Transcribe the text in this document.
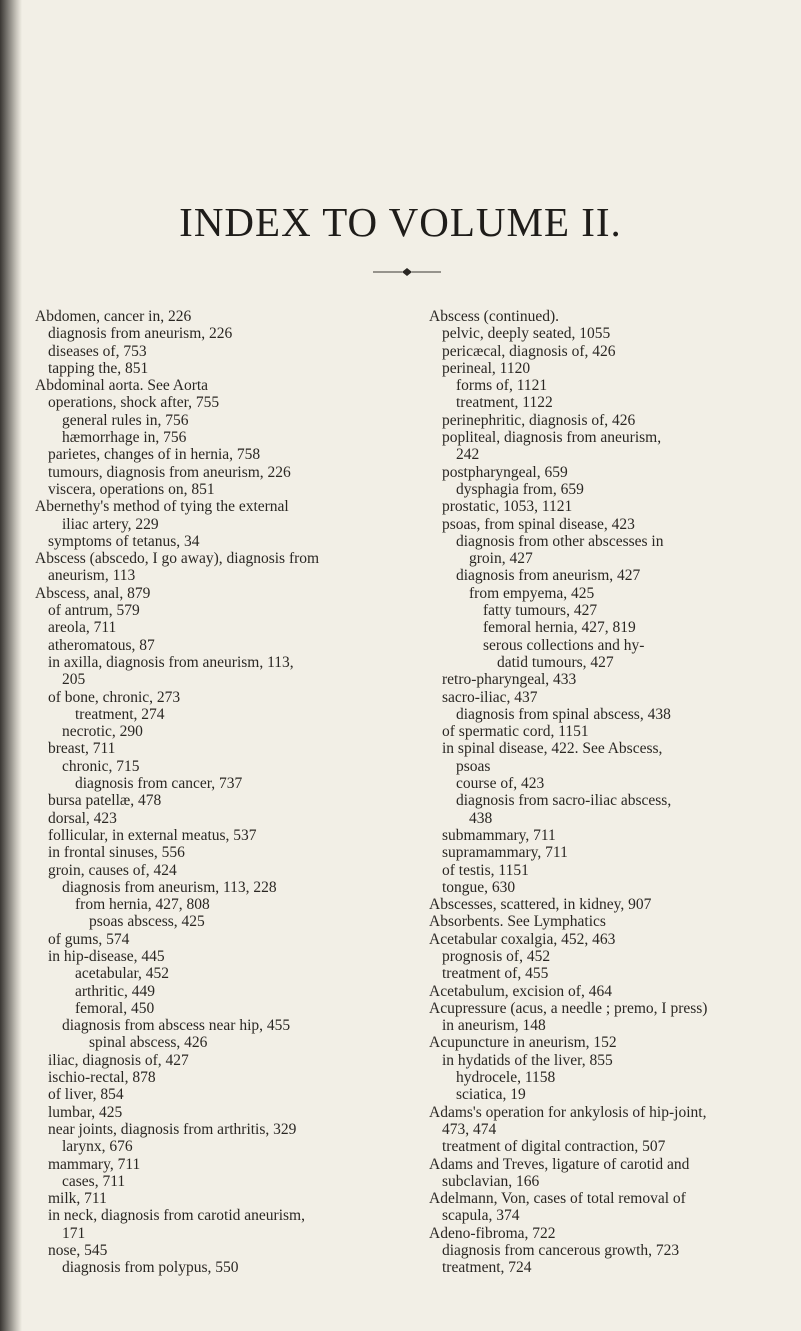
INDEX TO VOLUME II.
Abdomen, cancer in, 226
diagnosis from aneurism, 226
diseases of, 753
tapping the, 851
Abdominal aorta. See Aorta
operations, shock after, 755
general rules in, 756
hæmorrhage in, 756
parietes, changes of in hernia, 758
tumours, diagnosis from aneurism, 226
viscera, operations on, 851
Abernethy's method of tying the external
iliac artery, 229
symptoms of tetanus, 34
Abscess (abscedo, I go away), diagnosis from
aneurism, 113
Abscess, anal, 879
of antrum, 579
areola, 711
atheromatous, 87
in axilla, diagnosis from aneurism, 113,
205
of bone, chronic, 273
treatment, 274
necrotic, 290
breast, 711
chronic, 715
diagnosis from cancer, 737
bursa patellæ, 478
dorsal, 423
follicular, in external meatus, 537
in frontal sinuses, 556
groin, causes of, 424
diagnosis from aneurism, 113, 228
from hernia, 427, 808
psoas abscess, 425
of gums, 574
in hip-disease, 445
acetabular, 452
arthritic, 449
femoral, 450
diagnosis from abscess near hip, 455
spinal abscess, 426
iliac, diagnosis of, 427
ischio-rectal, 878
of liver, 854
lumbar, 425
near joints, diagnosis from arthritis, 329
larynx, 676
mammary, 711
cases, 711
milk, 711
in neck, diagnosis from carotid aneurism,
171
nose, 545
diagnosis from polypus, 550
Abscess (continued).
pelvic, deeply seated, 1055
pericæcal, diagnosis of, 426
perineal, 1120
forms of, 1121
treatment, 1122
perinephritic, diagnosis of, 426
popliteal, diagnosis from aneurism,
242
postpharyngeal, 659
dysphagia from, 659
prostatic, 1053, 1121
psoas, from spinal disease, 423
diagnosis from other abscesses in
groin, 427
diagnosis from aneurism, 427
from empyema, 425
fatty tumours, 427
femoral hernia, 427, 819
serous collections and hy-
datid tumours, 427
retro-pharyngeal, 433
sacro-iliac, 437
diagnosis from spinal abscess, 438
of spermatic cord, 1151
in spinal disease, 422. See Abscess,
psoas
course of, 423
diagnosis from sacro-iliac abscess,
438
submammary, 711
supramammary, 711
of testis, 1151
tongue, 630
Abscesses, scattered, in kidney, 907
Absorbents. See Lymphatics
Acetabular coxalgia, 452, 463
prognosis of, 452
treatment of, 455
Acetabulum, excision of, 464
Acupressure (acus, a needle ; premo, I press)
in aneurism, 148
Acupuncture in aneurism, 152
in hydatids of the liver, 855
hydrocele, 1158
sciatica, 19
Adams's operation for ankylosis of hip-joint,
473, 474
treatment of digital contraction, 507
Adams and Treves, ligature of carotid and
subclavian, 166
Adelmann, Von, cases of total removal of
scapula, 374
Adeno-fibroma, 722
diagnosis from cancerous growth, 723
treatment, 724
